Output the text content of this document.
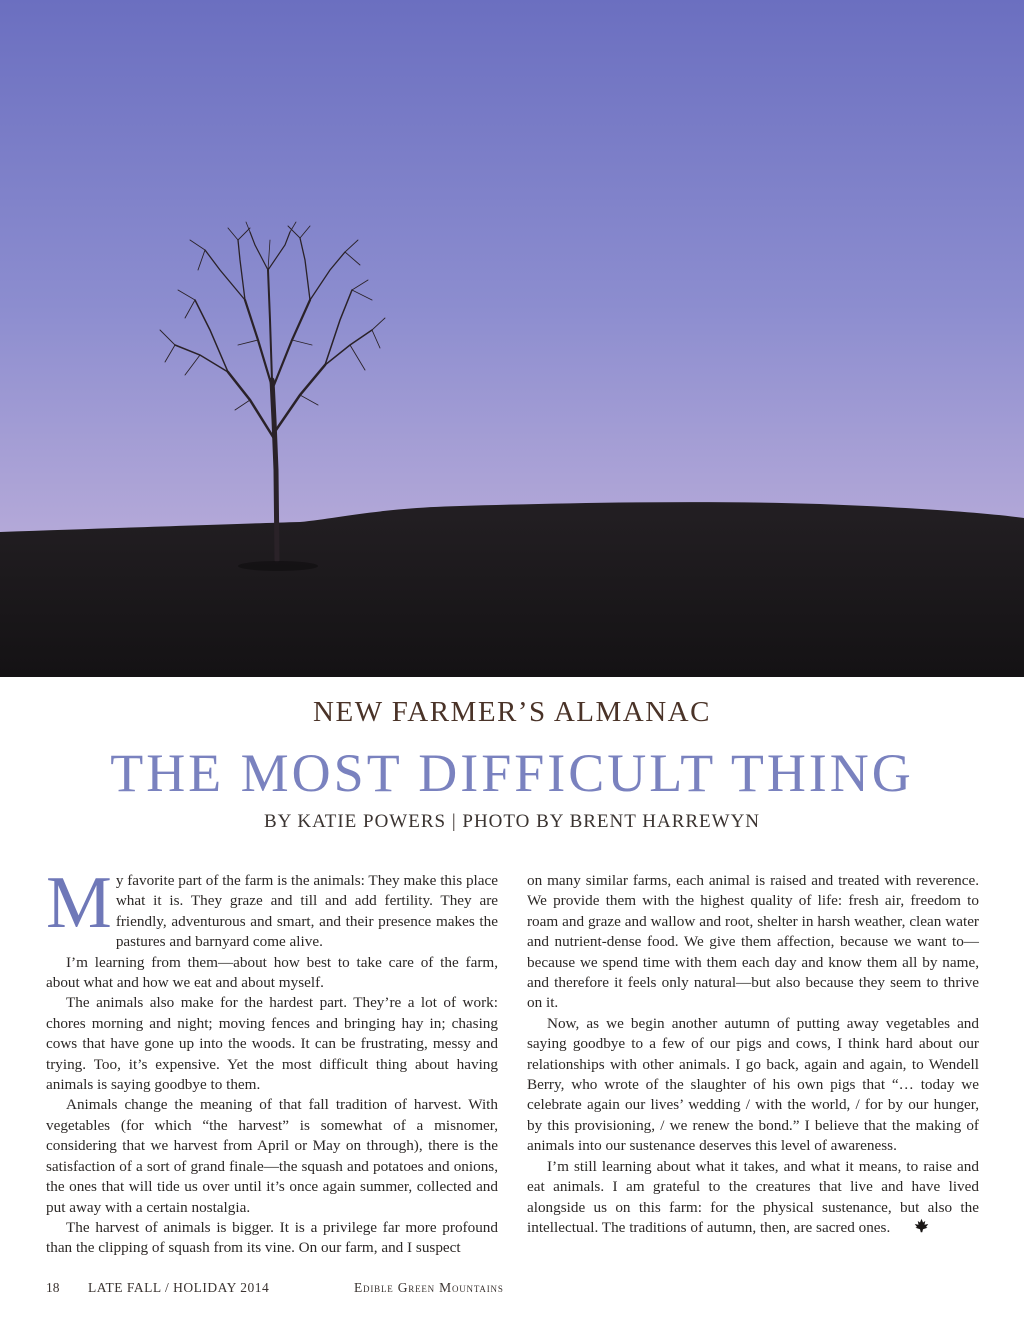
NEW FARMER’S ALMANAC
THE MOST DIFFICULT THING
BY KATIE POWERS | PHOTO BY BRENT HARREWYN

My favorite part of the farm is the animals: They make this place what it is. They graze and till and add fertility. They are friendly, adventurous and smart, and their presence makes the pastures and barnyard come alive.

I’m learning from them—about how best to take care of the farm, about what and how we eat and about myself.

The animals also make for the hardest part. They’re a lot of work: chores morning and night; moving fences and bringing hay in; chasing cows that have gone up into the woods. It can be frustrating, messy and trying. Too, it’s expensive. Yet the most difficult thing about having animals is saying goodbye to them.

Animals change the meaning of that fall tradition of harvest. With vegetables (for which “the harvest” is somewhat of a misnomer, considering that we harvest from April or May on through), there is the satisfaction of a sort of grand finale—the squash and potatoes and onions, the ones that will tide us over until it’s once again summer, collected and put away with a certain nostalgia.

The harvest of animals is bigger. It is a privilege far more profound than the clipping of squash from its vine. On our farm, and I suspect

on many similar farms, each animal is raised and treated with reverence. We provide them with the highest quality of life: fresh air, freedom to roam and graze and wallow and root, shelter in harsh weather, clean water and nutrient-dense food. We give them affection, because we want to—because we spend time with them each day and know them all by name, and therefore it feels only natural—but also because they seem to thrive on it.

Now, as we begin another autumn of putting away vegetables and saying goodbye to a few of our pigs and cows, I think hard about our relationships with other animals. I go back, again and again, to Wendell Berry, who wrote of the slaughter of his own pigs that “… today we celebrate again our lives’ wedding / with the world, / for by our hunger, by this provisioning, / we renew the bond.” I believe that the making of animals into our sustenance deserves this level of awareness.

I’m still learning about what it takes, and what it means, to raise and eat animals. I am grateful to the creatures that live and have lived alongside us on this farm: for the physical sustenance, but also the intellectual. The traditions of autumn, then, are sacred ones.

18 LATE FALL / HOLIDAY 2014	Edible Green Mountains
